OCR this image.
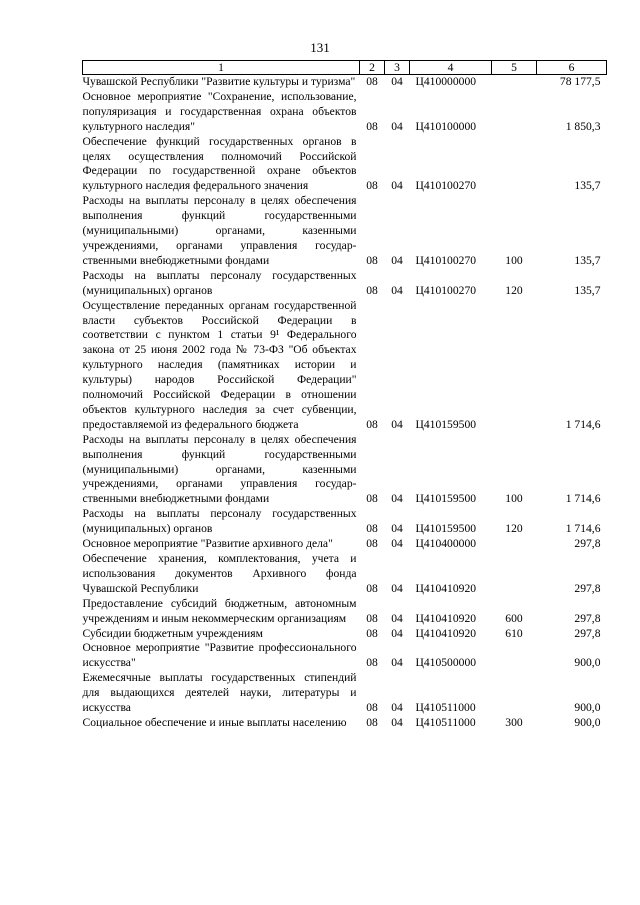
131
1	2	3	4	5	6
Чувашской Республики "Развитие культуры и туризма"	08	04	Ц410000000		78 177,5
Основное мероприятие "Сохранение, использование, популяризация и государственная охрана объектов культурного наследия"	08	04	Ц410100000		1 850,3
Обеспечение функций государственных органов в целях осуществления полномочий Российской Федерации по государственной охране объектов культурного наследия федерального значения	08	04	Ц410100270		135,7
Расходы на выплаты персоналу в целях обеспечения выполнения функций государственными (муниципальными) органами, казенными учреждениями, органами управления государственными внебюджетными фондами	08	04	Ц410100270	100	135,7
Расходы на выплаты персоналу государственных (муниципальных) органов	08	04	Ц410100270	120	135,7
Осуществление переданных органам государственной власти субъектов Российской Федерации в соответствии с пунктом 1 статьи 9¹ Федерального закона от 25 июня 2002 года № 73-ФЗ "Об объектах культурного наследия (памятниках истории и культуры) народов Российской Федерации" полномочий Российской Федерации в отношении объектов культурного наследия за счет субвенции, предоставляемой из федерального бюджета	08	04	Ц410159500		1 714,6
Расходы на выплаты персоналу в целях обеспечения выполнения функций государственными (муниципальными) органами, казенными учреждениями, органами управления государственными внебюджетными фондами	08	04	Ц410159500	100	1 714,6
Расходы на выплаты персоналу государственных (муниципальных) органов	08	04	Ц410159500	120	1 714,6
Основное мероприятие "Развитие архивного дела"	08	04	Ц410400000		297,8
Обеспечение хранения, комплектования, учета и использования документов Архивного фонда Чувашской Республики	08	04	Ц410410920		297,8
Предоставление субсидий бюджетным, автономным учреждениям и иным некоммерческим организациям	08	04	Ц410410920	600	297,8
Субсидии бюджетным учреждениям	08	04	Ц410410920	610	297,8
Основное мероприятие "Развитие профессионального искусства"	08	04	Ц410500000		900,0
Ежемесячные выплаты государственных стипендий для выдающихся деятелей науки, литературы и искусства	08	04	Ц410511000		900,0
Социальное обеспечение и иные выплаты населению	08	04	Ц410511000	300	900,0
